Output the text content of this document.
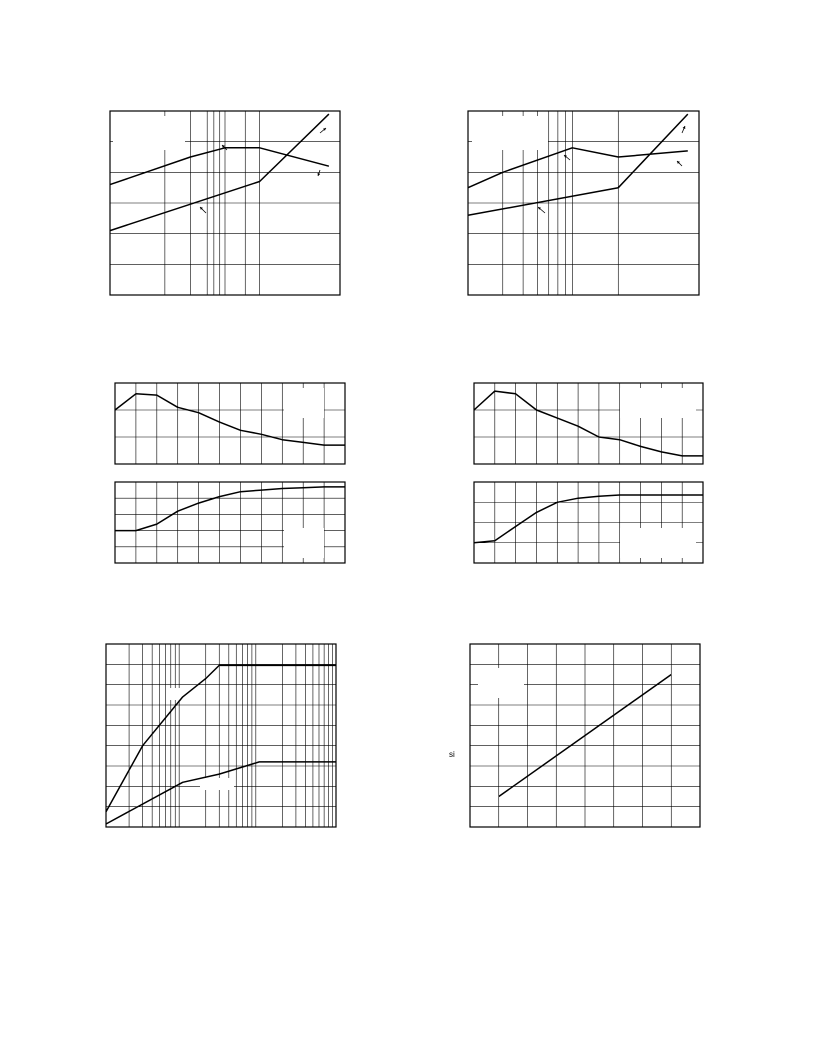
si
